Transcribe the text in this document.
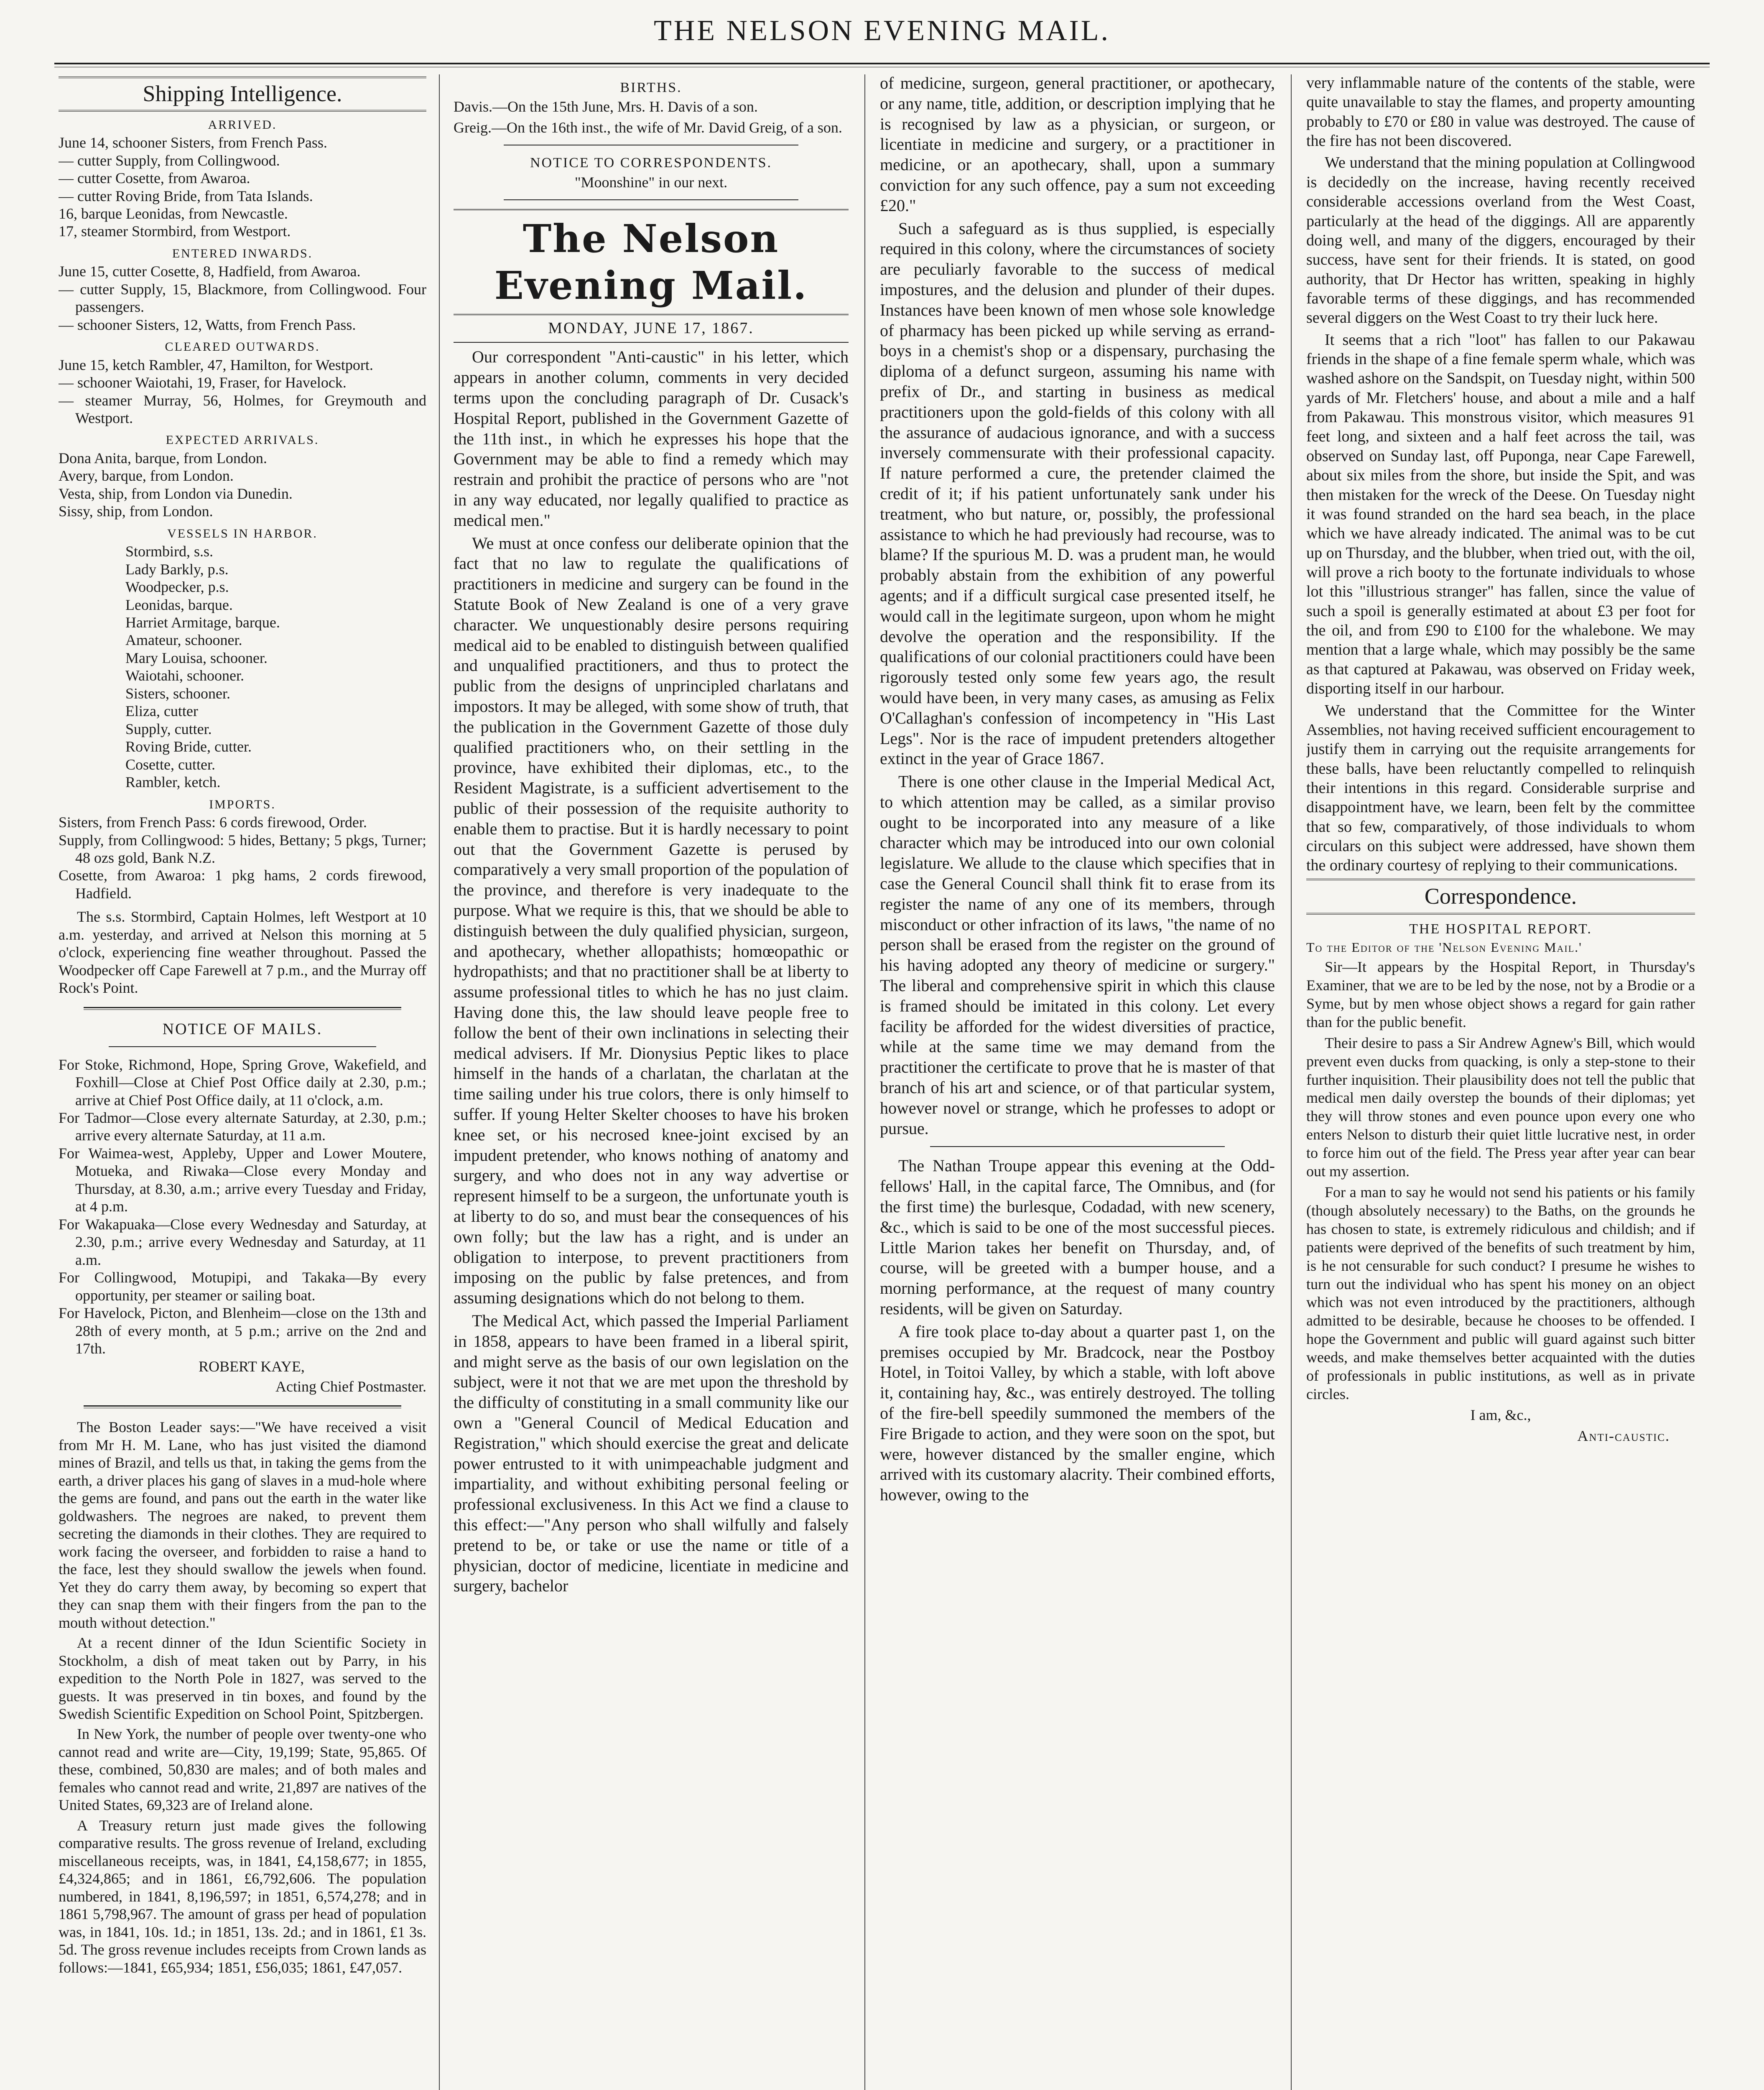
THE NELSON EVENING MAIL.
Shipping Intelligence.
ARRIVED.

June 14, schooner Sisters, from French Pass.

— cutter Supply, from Collingwood.

— cutter Cosette, from Awaroa.

— cutter Roving Bride, from Tata Islands.

16, barque Leonidas, from Newcastle.

17, steamer Stormbird, from Westport.

ENTERED INWARDS.

June 15, cutter Cosette, 8, Hadfield, from Awaroa.

— cutter Supply, 15, Blackmore, from Collingwood. Four passengers.

— schooner Sisters, 12, Watts, from French Pass.

CLEARED OUTWARDS.

June 15, ketch Rambler, 47, Hamilton, for Westport.

— schooner Waiotahi, 19, Fraser, for Havelock.

— steamer Murray, 56, Holmes, for Greymouth and Westport.

EXPECTED ARRIVALS.

Dona Anita, barque, from London.

Avery, barque, from London.

Vesta, ship, from London via Dunedin.

Sissy, ship, from London.

VESSELS IN HARBOR.

Stormbird, s.s.

Lady Barkly, p.s.

Woodpecker, p.s.

Leonidas, barque.

Harriet Armitage, barque.

Amateur, schooner.

Mary Louisa, schooner.

Waiotahi, schooner.

Sisters, schooner.

Eliza, cutter

Supply, cutter.

Roving Bride, cutter.

Cosette, cutter.

Rambler, ketch.

IMPORTS.

Sisters, from French Pass: 6 cords firewood, Order.

Supply, from Collingwood: 5 hides, Bettany; 5 pkgs, Turner; 48 ozs gold, Bank N.Z.

Cosette, from Awaroa: 1 pkg hams, 2 cords firewood, Hadfield.

The s.s. Stormbird, Captain Holmes, left Westport at 10 a.m. yesterday, and arrived at Nelson this morning at 5 o'clock, experiencing fine weather throughout. Passed the Woodpecker off Cape Farewell at 7 p.m., and the Murray off Rock's Point.

NOTICE OF MAILS.

For Stoke, Richmond, Hope, Spring Grove, Wakefield, and Foxhill—Close at Chief Post Office daily at 2.30, p.m.; arrive at Chief Post Office daily, at 11 o'clock, a.m.

For Tadmor—Close every alternate Saturday, at 2.30, p.m.; arrive every alternate Saturday, at 11 a.m.

For Waimea-west, Appleby, Upper and Lower Moutere, Motueka, and Riwaka—Close every Monday and Thursday, at 8.30, a.m.; arrive every Tuesday and Friday, at 4 p.m.

For Wakapuaka—Close every Wednesday and Saturday, at 2.30, p.m.; arrive every Wednesday and Saturday, at 11 a.m.

For Collingwood, Motupipi, and Takaka—By every opportunity, per steamer or sailing boat.

For Havelock, Picton, and Blenheim—close on the 13th and 28th of every month, at 5 p.m.; arrive on the 2nd and 17th.

ROBERT KAYE,

Acting Chief Postmaster.

The Boston Leader says:—"We have received a visit from Mr H. M. Lane, who has just visited the diamond mines of Brazil, and tells us that, in taking the gems from the earth, a driver places his gang of slaves in a mud-hole where the gems are found, and pans out the earth in the water like goldwashers. The negroes are naked, to prevent them secreting the diamonds in their clothes. They are required to work facing the overseer, and forbidden to raise a hand to the face, lest they should swallow the jewels when found. Yet they do carry them away, by becoming so expert that they can snap them with their fingers from the pan to the mouth without detection."

At a recent dinner of the Idun Scientific Society in Stockholm, a dish of meat taken out by Parry, in his expedition to the North Pole in 1827, was served to the guests. It was preserved in tin boxes, and found by the Swedish Scientific Expedition on School Point, Spitzbergen.

In New York, the number of people over twenty-one who cannot read and write are—City, 19,199; State, 95,865. Of these, combined, 50,830 are males; and of both males and females who cannot read and write, 21,897 are natives of the United States, 69,323 are of Ireland alone.

A Treasury return just made gives the following comparative results. The gross revenue of Ireland, excluding miscellaneous receipts, was, in 1841, £4,158,677; in 1855, £4,324,865; and in 1861, £6,792,606. The population numbered, in 1841, 8,196,597; in 1851, 6,574,278; and in 1861 5,798,967. The amount of grass per head of population was, in 1841, 10s. 1d.; in 1851, 13s. 2d.; and in 1861, £1 3s. 5d. The gross revenue includes receipts from Crown lands as follows:—1841, £65,934; 1851, £56,035; 1861, £47,057.

BIRTHS.

Davis.—On the 15th June, Mrs. H. Davis of a son.

Greig.—On the 16th inst., the wife of Mr. David Greig, of a son.

NOTICE TO CORRESPONDENTS.

"Moonshine" in our next.

The Nelson Evening Mail.
MONDAY, JUNE 17, 1867.

Our correspondent "Anti-caustic" in his letter, which appears in another column, comments in very decided terms upon the concluding paragraph of Dr. Cusack's Hospital Report, published in the Government Gazette of the 11th inst., in which he expresses his hope that the Government may be able to find a remedy which may restrain and prohibit the practice of persons who are "not in any way educated, nor legally qualified to practice as medical men."

We must at once confess our deliberate opinion that the fact that no law to regulate the qualifications of practitioners in medicine and surgery can be found in the Statute Book of New Zealand is one of a very grave character. We unquestionably desire persons requiring medical aid to be enabled to distinguish between qualified and unqualified practitioners, and thus to protect the public from the designs of unprincipled charlatans and impostors. It may be alleged, with some show of truth, that the publication in the Government Gazette of those duly qualified practitioners who, on their settling in the province, have exhibited their diplomas, etc., to the Resident Magistrate, is a sufficient advertisement to the public of their possession of the requisite authority to enable them to practise. But it is hardly necessary to point out that the Government Gazette is perused by comparatively a very small proportion of the population of the province, and therefore is very inadequate to the purpose. What we require is this, that we should be able to distinguish between the duly qualified physician, surgeon, and apothecary, whether allopathists; homœopathic or hydropathists; and that no practitioner shall be at liberty to assume professional titles to which he has no just claim. Having done this, the law should leave people free to follow the bent of their own inclinations in selecting their medical advisers. If Mr. Dionysius Peptic likes to place himself in the hands of a charlatan, the charlatan at the time sailing under his true colors, there is only himself to suffer. If young Helter Skelter chooses to have his broken knee set, or his necrosed knee-joint excised by an impudent pretender, who knows nothing of anatomy and surgery, and who does not in any way advertise or represent himself to be a surgeon, the unfortunate youth is at liberty to do so, and must bear the consequences of his own folly; but the law has a right, and is under an obligation to interpose, to prevent practitioners from imposing on the public by false pretences, and from assuming designations which do not belong to them.

The Medical Act, which passed the Imperial Parliament in 1858, appears to have been framed in a liberal spirit, and might serve as the basis of our own legislation on the subject, were it not that we are met upon the threshold by the difficulty of constituting in a small community like our own a "General Council of Medical Education and Registration," which should exercise the great and delicate power entrusted to it with unimpeachable judgment and impartiality, and without exhibiting personal feeling or professional exclusiveness. In this Act we find a clause to this effect:—"Any person who shall wilfully and falsely pretend to be, or take or use the name or title of a physician, doctor of medicine, licentiate in medicine and surgery, bachelor

of medicine, surgeon, general practitioner, or apothecary, or any name, title, addition, or description implying that he is recognised by law as a physician, or surgeon, or licentiate in medicine and surgery, or a practitioner in medicine, or an apothecary, shall, upon a summary conviction for any such offence, pay a sum not exceeding £20."

Such a safeguard as is thus supplied, is especially required in this colony, where the circumstances of society are peculiarly favorable to the success of medical impostures, and the delusion and plunder of their dupes. Instances have been known of men whose sole knowledge of pharmacy has been picked up while serving as errand-boys in a chemist's shop or a dispensary, purchasing the diploma of a defunct surgeon, assuming his name with prefix of Dr., and starting in business as medical practitioners upon the gold-fields of this colony with all the assurance of audacious ignorance, and with a success inversely commensurate with their professional capacity. If nature performed a cure, the pretender claimed the credit of it; if his patient unfortunately sank under his treatment, who but nature, or, possibly, the professional assistance to which he had previously had recourse, was to blame? If the spurious M. D. was a prudent man, he would probably abstain from the exhibition of any powerful agents; and if a difficult surgical case presented itself, he would call in the legitimate surgeon, upon whom he might devolve the operation and the responsibility. If the qualifications of our colonial practitioners could have been rigorously tested only some few years ago, the result would have been, in very many cases, as amusing as Felix O'Callaghan's confession of incompetency in "His Last Legs". Nor is the race of impudent pretenders altogether extinct in the year of Grace 1867.

There is one other clause in the Imperial Medical Act, to which attention may be called, as a similar proviso ought to be incorporated into any measure of a like character which may be introduced into our own colonial legislature. We allude to the clause which specifies that in case the General Council shall think fit to erase from its register the name of any one of its members, through misconduct or other infraction of its laws, "the name of no person shall be erased from the register on the ground of his having adopted any theory of medicine or surgery." The liberal and comprehensive spirit in which this clause is framed should be imitated in this colony. Let every facility be afforded for the widest diversities of practice, while at the same time we may demand from the practitioner the certificate to prove that he is master of that branch of his art and science, or of that particular system, however novel or strange, which he professes to adopt or pursue.

The Nathan Troupe appear this evening at the Odd-fellows' Hall, in the capital farce, The Omnibus, and (for the first time) the burlesque, Codadad, with new scenery, &c., which is said to be one of the most successful pieces. Little Marion takes her benefit on Thursday, and, of course, will be greeted with a bumper house, and a morning performance, at the request of many country residents, will be given on Saturday.

A fire took place to-day about a quarter past 1, on the premises occupied by Mr. Bradcock, near the Postboy Hotel, in Toitoi Valley, by which a stable, with loft above it, containing hay, &c., was entirely destroyed. The tolling of the fire-bell speedily summoned the members of the Fire Brigade to action, and they were soon on the spot, but were, however distanced by the smaller engine, which arrived with its customary alacrity. Their combined efforts, however, owing to the

very inflammable nature of the contents of the stable, were quite unavailable to stay the flames, and property amounting probably to £70 or £80 in value was destroyed. The cause of the fire has not been discovered.

We understand that the mining population at Collingwood is decidedly on the increase, having recently received considerable accessions overland from the West Coast, particularly at the head of the diggings. All are apparently doing well, and many of the diggers, encouraged by their success, have sent for their friends. It is stated, on good authority, that Dr Hector has written, speaking in highly favorable terms of these diggings, and has recommended several diggers on the West Coast to try their luck here.

It seems that a rich "loot" has fallen to our Pakawau friends in the shape of a fine female sperm whale, which was washed ashore on the Sandspit, on Tuesday night, within 500 yards of Mr. Fletchers' house, and about a mile and a half from Pakawau. This monstrous visitor, which measures 91 feet long, and sixteen and a half feet across the tail, was observed on Sunday last, off Puponga, near Cape Farewell, about six miles from the shore, but inside the Spit, and was then mistaken for the wreck of the Deese. On Tuesday night it was found stranded on the hard sea beach, in the place which we have already indicated. The animal was to be cut up on Thursday, and the blubber, when tried out, with the oil, will prove a rich booty to the fortunate individuals to whose lot this "illustrious stranger" has fallen, since the value of such a spoil is generally estimated at about £3 per foot for the oil, and from £90 to £100 for the whalebone. We may mention that a large whale, which may possibly be the same as that captured at Pakawau, was observed on Friday week, disporting itself in our harbour.

We understand that the Committee for the Winter Assemblies, not having received sufficient encouragement to justify them in carrying out the requisite arrangements for these balls, have been reluctantly compelled to relinquish their intentions in this regard. Considerable surprise and disappointment have, we learn, been felt by the committee that so few, comparatively, of those individuals to whom circulars on this subject were addressed, have shown them the ordinary courtesy of replying to their communications.

Correspondence.
THE HOSPITAL REPORT.

To the Editor of the 'Nelson Evening Mail.'

Sir—It appears by the Hospital Report, in Thursday's Examiner, that we are to be led by the nose, not by a Brodie or a Syme, but by men whose object shows a regard for gain rather than for the public benefit.

Their desire to pass a Sir Andrew Agnew's Bill, which would prevent even ducks from quacking, is only a step-stone to their further inquisition. Their plausibility does not tell the public that medical men daily overstep the bounds of their diplomas; yet they will throw stones and even pounce upon every one who enters Nelson to disturb their quiet little lucrative nest, in order to force him out of the field. The Press year after year can bear out my assertion.

For a man to say he would not send his patients or his family (though absolutely necessary) to the Baths, on the grounds he has chosen to state, is extremely ridiculous and childish; and if patients were deprived of the benefits of such treatment by him, is he not censurable for such conduct? I presume he wishes to turn out the individual who has spent his money on an object which was not even introduced by the practitioners, although admitted to be desirable, because he chooses to be offended. I hope the Government and public will guard against such bitter weeds, and make themselves better acquainted with the duties of professionals in public institutions, as well as in private circles.

I am, &c.,

Anti-caustic.
